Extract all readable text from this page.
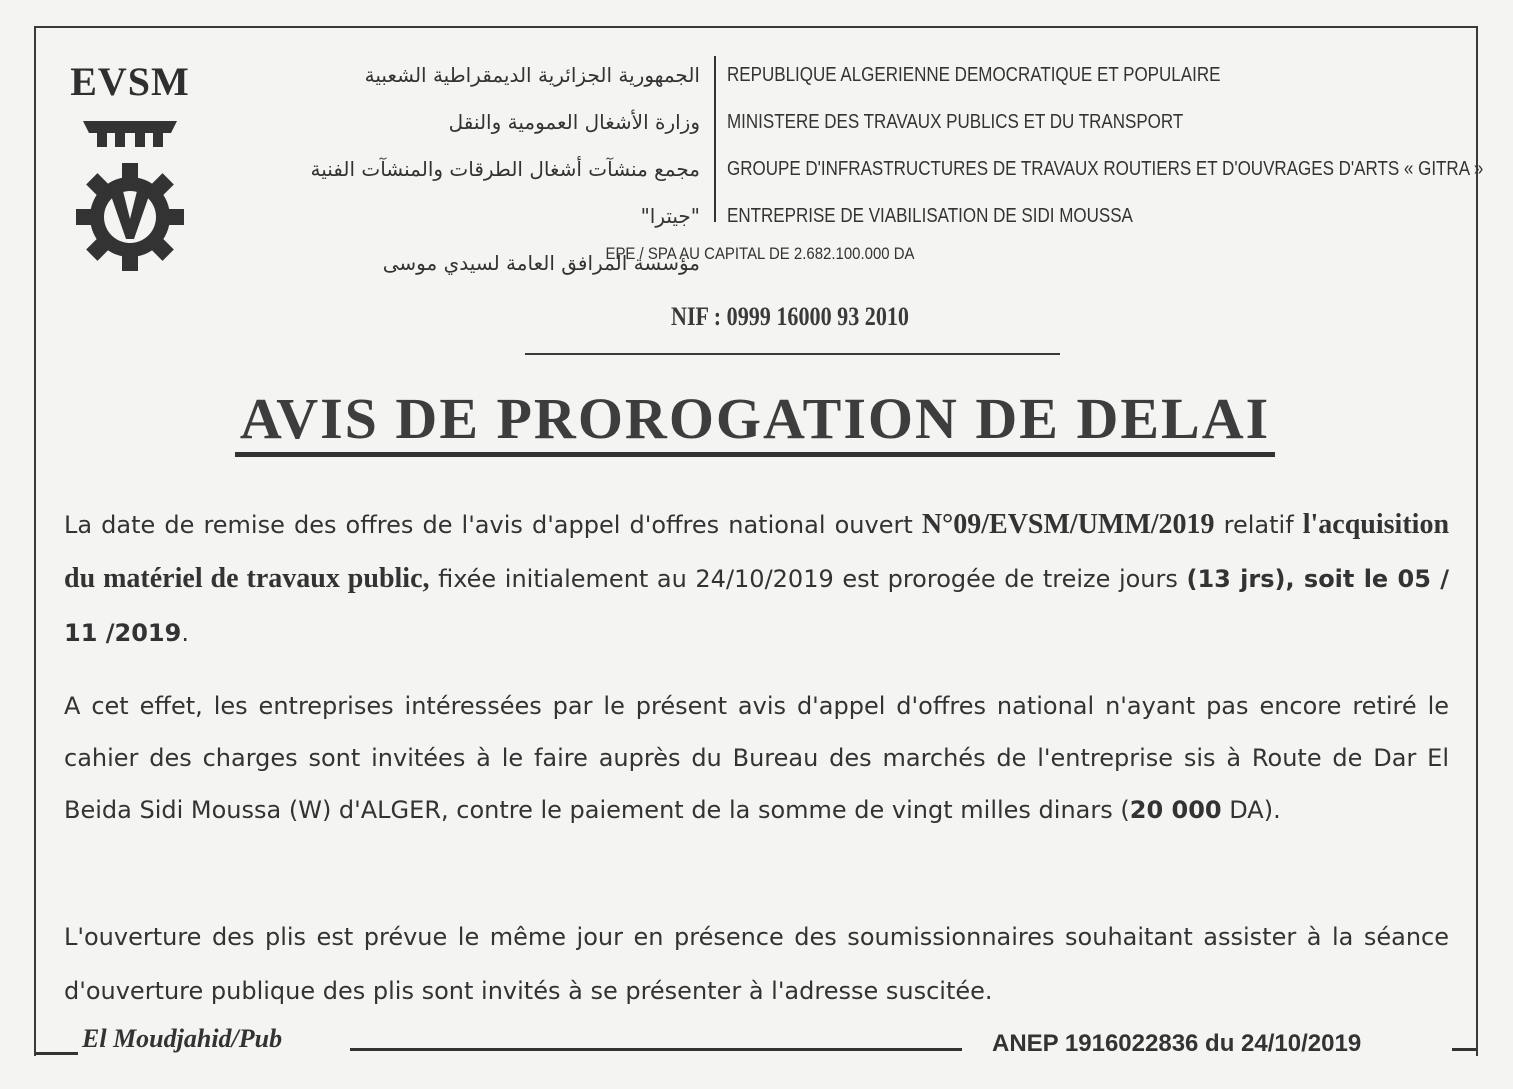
EVSM	الجمهورية الجزائرية الديمقراطية الشعبية
وزارة الأشغال العمومية والنقل
مجمع منشآت أشغال الطرقات والمنشآت الفنية "جيترا"
مؤسسة المرافق العامة لسيدي موسى
REPUBLIQUE ALGERIENNE DEMOCRATIQUE ET POPULAIRE
MINISTERE DES TRAVAUX PUBLICS ET DU TRANSPORT
GROUPE D'INFRASTRUCTURES DE TRAVAUX ROUTIERS ET D'OUVRAGES D'ARTS « GITRA »
ENTREPRISE DE VIABILISATION DE SIDI MOUSSA
EPE / SPA AU CAPITAL DE 2.682.100.000 DA
NIF : 0999 16000 93 2010
AVIS DE PROROGATION DE DELAI
La date de remise des offres de l'avis d'appel d'offres national ouvert N°09/EVSM/UMM/2019 relatif l'acquisition du matériel de travaux public, fixée initialement au 24/10/2019 est prorogée de treize jours (13 jrs), soit le 05 / 11 /2019.
A cet effet, les entreprises intéressées par le présent avis d'appel d'offres national n'ayant pas encore retiré le cahier des charges sont invitées à le faire auprès du Bureau des marchés de l'entreprise sis à Route de Dar El Beida Sidi Moussa (W) d'ALGER, contre le paiement de la somme de vingt milles dinars (20 000 DA).
L'ouverture des plis est prévue le même jour en présence des soumissionnaires souhaitant assister à la séance d'ouverture publique des plis sont invités à se présenter à l'adresse suscitée.
El Moudjahid/Pub	ANEP 1916022836 du 24/10/2019
